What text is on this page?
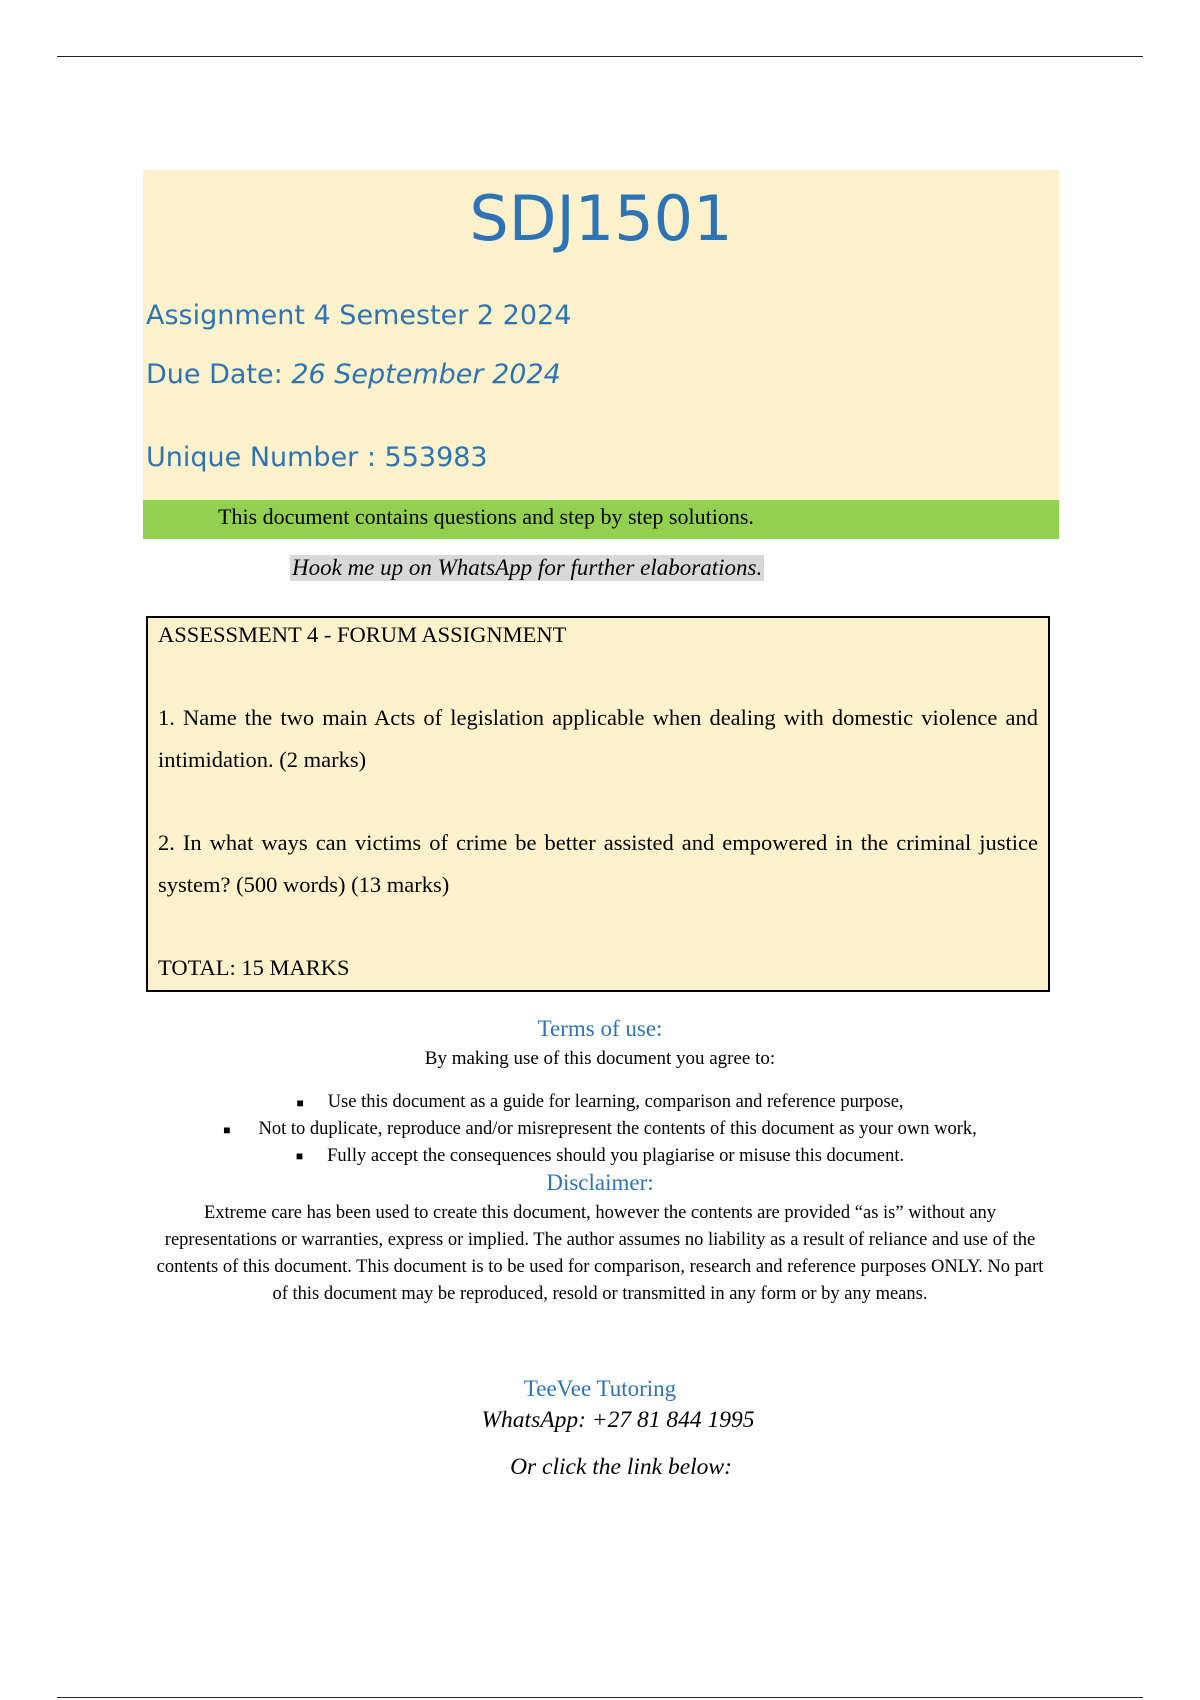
SDJ1501
Assignment 4 Semester 2 2024
Due Date: 26 September 2024
Unique Number : 553983
This document contains questions and step by step solutions.
Hook me up on WhatsApp for further elaborations.

ASSESSMENT 4 - FORUM ASSIGNMENT

1. Name the two main Acts of legislation applicable when dealing with domestic violence and intimidation. (2 marks)

2. In what ways can victims of crime be better assisted and empowered in the criminal justice system? (500 words) (13 marks)

TOTAL: 15 MARKS

Terms of use:
By making use of this document you agree to:
■ Use this document as a guide for learning, comparison and reference purpose,
■ Not to duplicate, reproduce and/or misrepresent the contents of this document as your own work,
■ Fully accept the consequences should you plagiarise or misuse this document.
Disclaimer:
Extreme care has been used to create this document, however the contents are provided “as is” without any representations or warranties, express or implied. The author assumes no liability as a result of reliance and use of the contents of this document. This document is to be used for comparison, research and reference purposes ONLY. No part of this document may be reproduced, resold or transmitted in any form or by any means.
TeeVee Tutoring
WhatsApp: +27 81 844 1995
Or click the link below:
